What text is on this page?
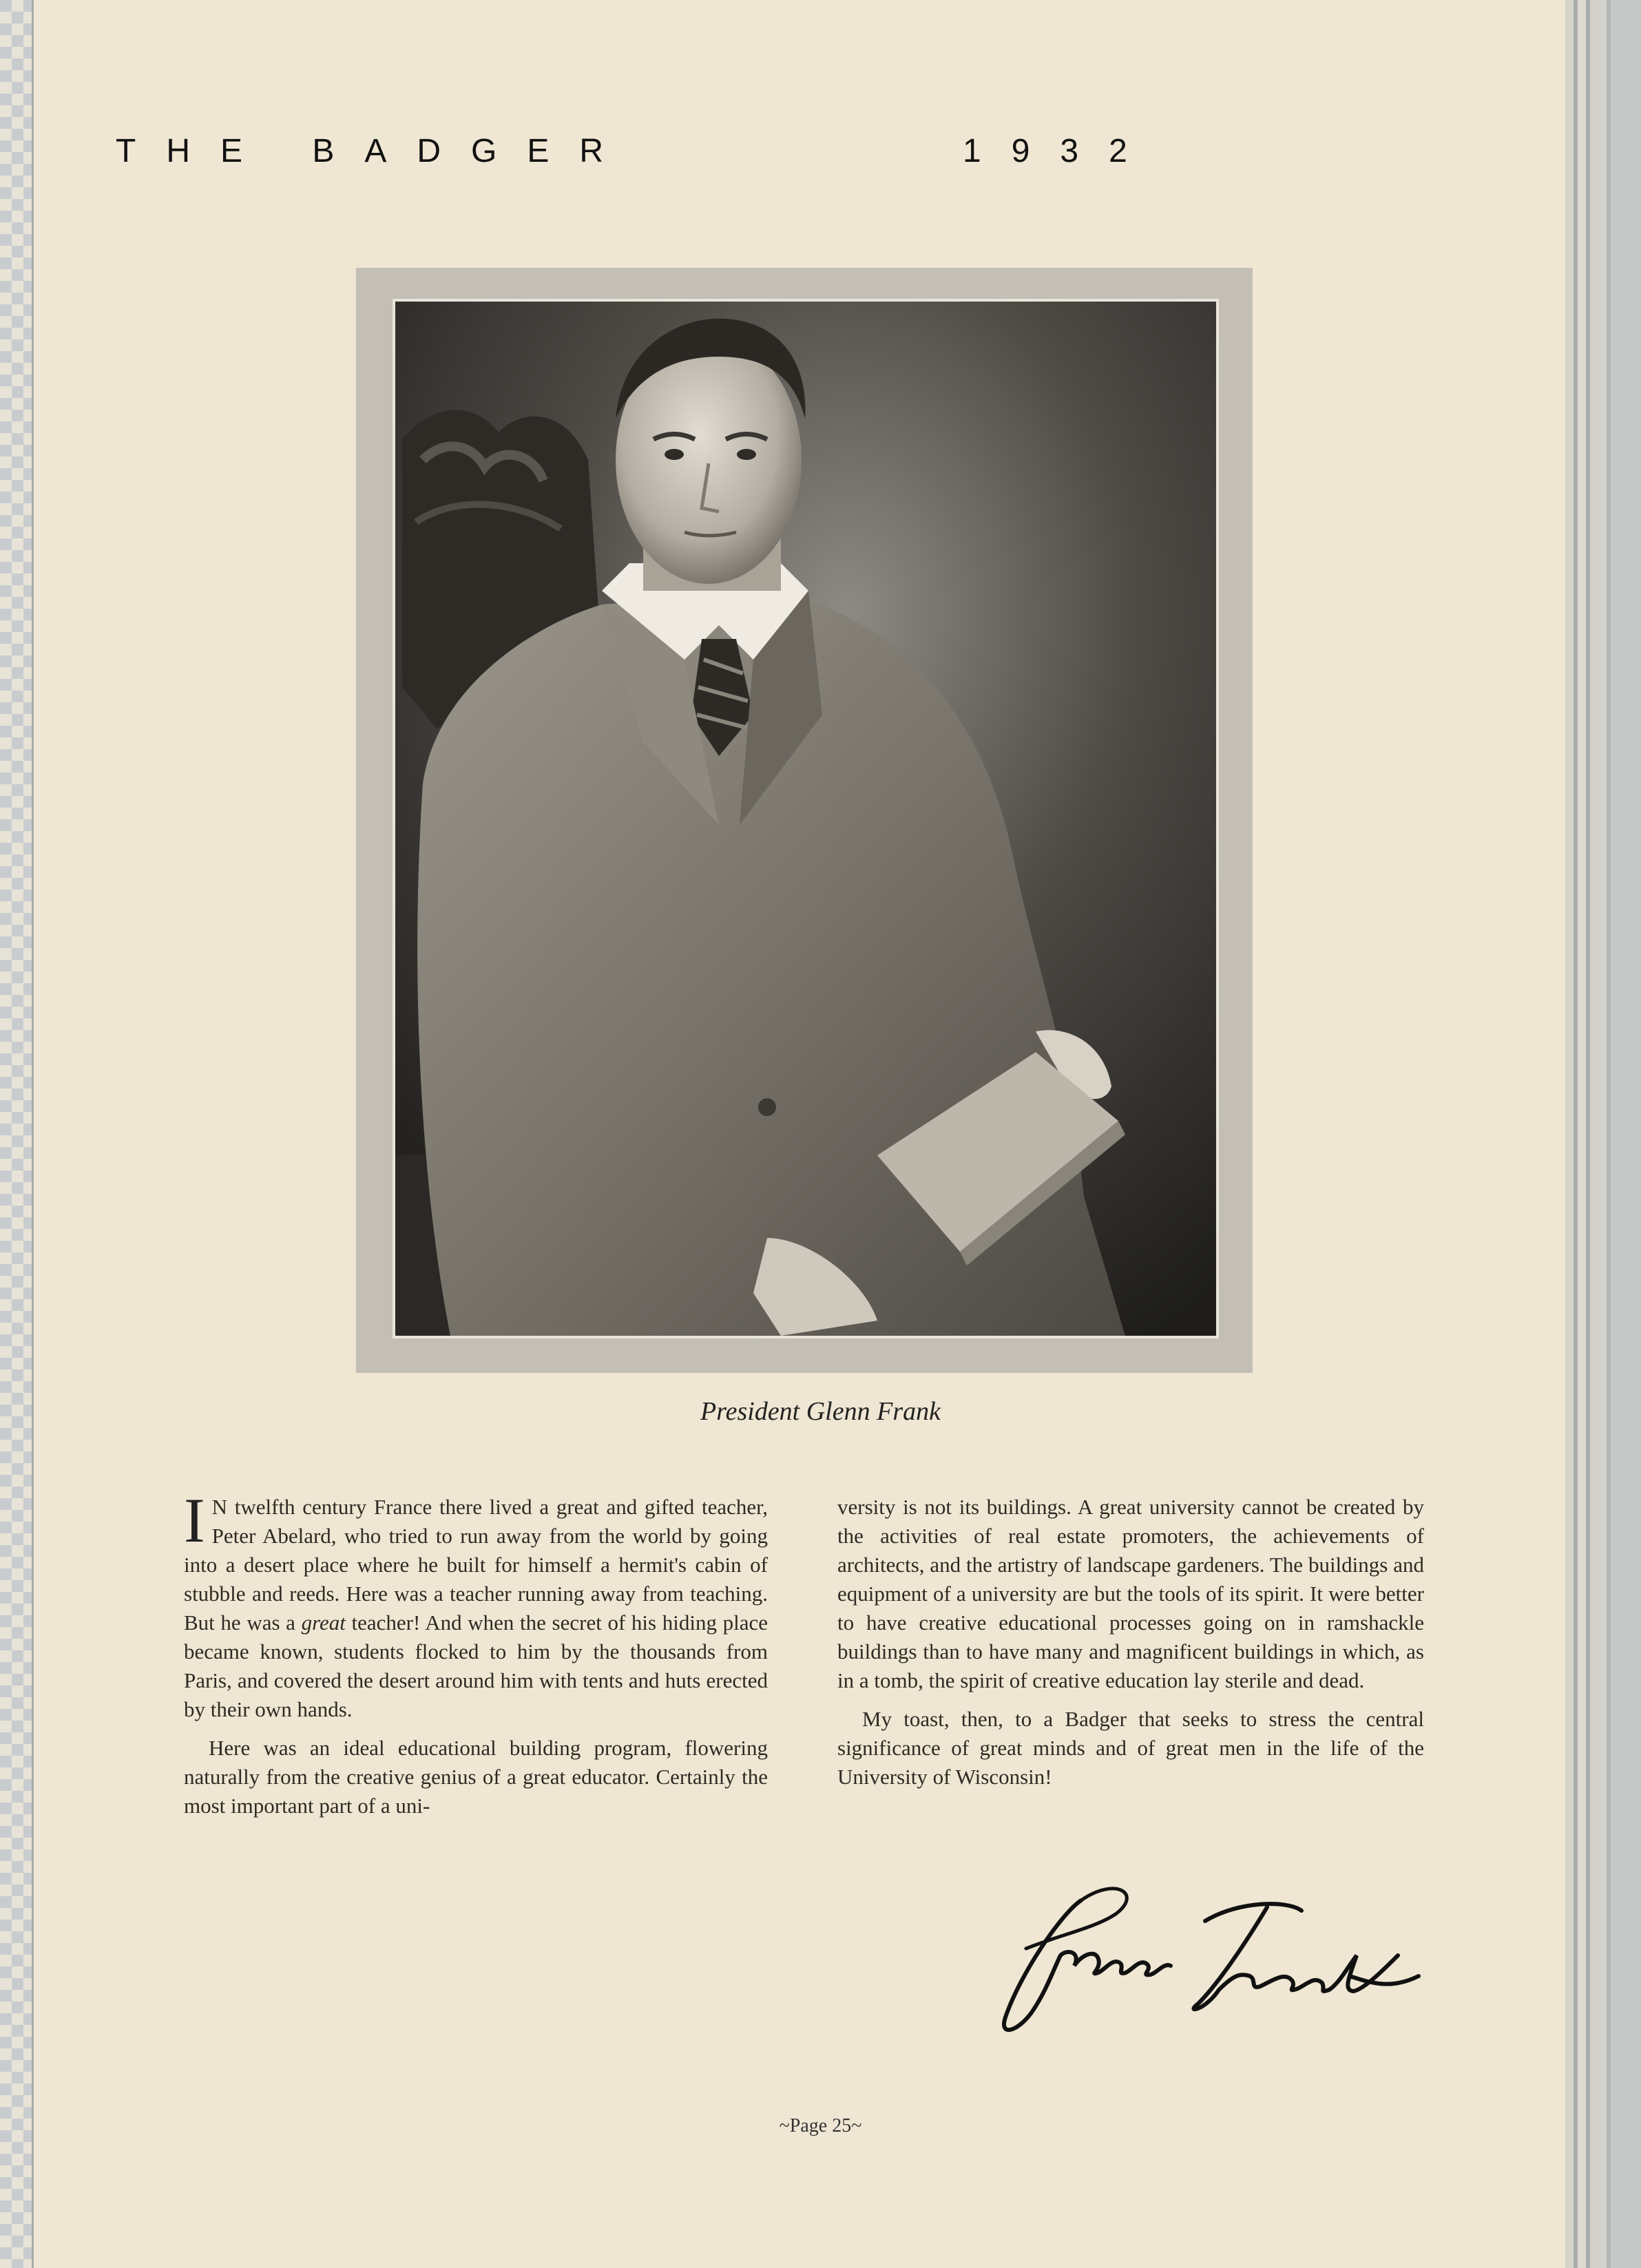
THE BADGER	1932
President Glenn Frank

I N twelfth century France there lived a great and gifted teacher, Peter Abelard, who tried to run away from the world by going into a desert place where he built for himself a hermit's cabin of stubble and reeds. Here was a teacher running away from teaching. But he was a great teacher! And when the secret of his hiding place became known, students flocked to him by the thousands from Paris, and covered the desert around him with tents and huts erected by their own hands.

Here was an ideal educational building program, flowering naturally from the creative genius of a great educator. Certainly the most important part of a uni-

versity is not its buildings. A great university cannot be created by the activities of real estate promoters, the achievements of architects, and the artistry of landscape gardeners. The buildings and equipment of a university are but the tools of its spirit. It were better to have creative educational processes going on in ramshackle buildings than to have many and magnificent buildings in which, as in a tomb, the spirit of creative education lay sterile and dead.

My toast, then, to a Badger that seeks to stress the central significance of great minds and of great men in the life of the University of Wisconsin!

~Page 25~
